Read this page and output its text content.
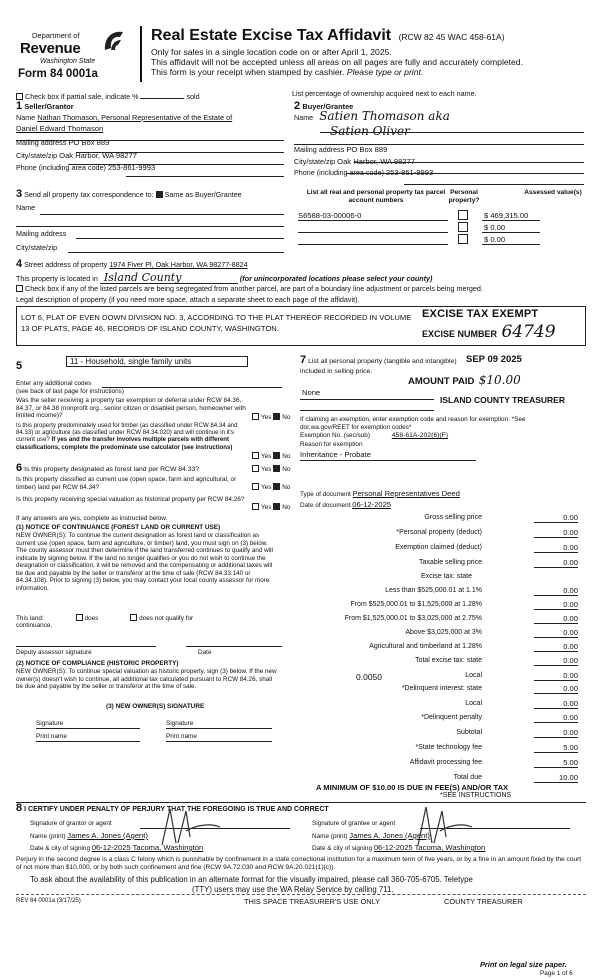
Department of
Revenue
Washington State
Form 84 0001a
Real Estate Excise Tax Affidavit (RCW 82 45 WAC 458-61A)
Only for sales in a single location code on or after April 1, 2025.
This affidavit will not be accepted unless all areas on all pages are fully and accurately completed.
This form is your receipt when stamped by cashier. Please type or print.
Check box if partial sale, indicate %	sold	List percentage of ownership acquired next to each name.
1 Seller/Grantor
Name Nathan Thomason, Personal Representative of the Estate of
Daniel Edward Thomason
Mailing address PO Box 889
City/state/zip Oak Harbor, WA 98277
Phone (including area code) 253-861-9993
2 Buyer/Grantee
Name Satien Thomason aka
Satien Oliver
Mailing address PO Box 889
City/state/zip Oak Harbor, WA 98277
Phone (including area code) 253-861-9993
3 Send all property tax correspondence to: Same as Buyer/Grantee
Name
Mailing address
City/state/zip
List all real and personal property tax parcel account numbers
Personal property?
Assessed value(s)
S6588-03-00006-0	$ 469,315.00
$ 0.00
$ 0.00
4 Street address of property 1974 Fiver Pl, Oak Harbor, WA 98277-8824
This property is located in Island County	(for unincorporated locations please select your county)
Check box if any of the listed parcels are being segregated from another parcel, are part of a boundary line adjustment or parcels being merged.
Legal description of property (if you need more space, attach a separate sheet to each page of the affidavit).
LOT 6, PLAT OF EVEN DOWN DIVISION NO. 3, ACCORDING TO THE PLAT THEREOF RECORDED IN VOLUME 13 OF PLATS, PAGE 46, RECORDS OF ISLAND COUNTY, WASHINGTON.
EXCISE TAX EXEMPT
EXCISE NUMBER 64749
SEP 09 2025
AMOUNT PAID $10.00
ISLAND COUNTY TREASURER
5	11 - Household, single family units
Enter any additional codes
(see back of last page for instructions)
Was the seller receiving a property tax exemption or deferral under RCW 84.36, 84.37, or 84.38 (nonprofit org., senior citizen or disabled person, homeowner with limited income)?	Yes No
Is this property predominately used for timber (as classified under RCW 84.34 and 84.33) or agriculture (as classified under RCW 84.34.020) and will continue in it's current use? If yes and the transfer involves multiple parcels with different classifications, complete the predominate use calculator (see instructions)
Yes No
6 Is this property designated as forest land per RCW 84.33?	Yes No
Is this property classified as current use (open space, farm and agricultural, or timber) land per RCW 84.34?	Yes No
Is this property receiving special valuation as historical property per RCW 84.26?
Yes No
If any answers are yes, complete as instructed below.
(1) NOTICE OF CONTINUANCE (FOREST LAND OR CURRENT USE)
NEW OWNER(S): To continue the current designation as forest land or classification as current use (open space, farm and agriculture, or timber) land, you must sign on (3) below. The county assessor must then determine if the land transferred continues to qualify and will indicate by signing below. If the land no longer qualifies or you do not wish to continue the designation or classification, it will be removed and the compensating or additional taxes will be due and payable by the seller or transferor at the time of sale (RCW 84.33.140 or 84.34.108). Prior to signing (3) below, you may contact your local county assessor for more information.
This land:	does	does not qualify for
continuance.
Deputy assessor signature	Date
(2) NOTICE OF COMPLIANCE (HISTORIC PROPERTY)
NEW OWNER(S): To continue special valuation as historic property, sign (3) below. If the new owner(s) doesn't wish to continue, all additional tax calculated pursuant to RCW 84.26, shall be due and payable by the seller or transferor at the time of sale.
(3) NEW OWNER(S) SIGNATURE
Signature	Signature
Print name	Print name
7 List all personal property (tangible and intangible) included in selling price.
None
If claiming an exemption, enter exemption code and reason for exemption. *See dor.wa.gov/REET for exemption codes*
Exemption No. (sec/sub)	458-61A-202(6)(F)
Reason for exemption
Inheritance - Probate
Type of document Personal Representatives Deed
Date of document 06-12-2025
Gross selling price	0.00
*Personal property (deduct)	0.00
Exemption claimed (deduct)	0.00
Taxable selling price	0.00
Excise tax: state
Less than $525,000.01 at 1.1%	0.00
From $525,000.01 to $1,525,000 at 1.28%	0.00
From $1,525,000.01 to $3,025,000 at 2.75%	0.00
Above $3,025,000 at 3%	0.00
Agricultural and timberland at 1.28%	0.00
Total excise tax: state	0.00
0.0050	Local	0.00
*Delinquent interest: state	0.00
Local	0.00
*Delinquent penalty	0.00
Subtotal	0.00
*State technology fee	5.00
Affidavit processing fee	5.00
Total due	10.00
A MINIMUM OF $10.00 IS DUE IN FEE(S) AND/OR TAX
*SEE INSTRUCTIONS
8 I CERTIFY UNDER PENALTY OF PERJURY THAT THE FOREGOING IS TRUE AND CORRECT
Signature of grantor or agent
Name (print) James A. Jones (Agent)
Date & city of signing 06-12-2025 Tacoma, Washington
Signature of grantee or agent
Name (print) James A. Jones (Agent)
Date & city of signing 06-12-2025 Tacoma, Washington
Perjury in the second degree is a class C felony which is punishable by confinement in a state correctional institution for a maximum term of five years, or by a fine in an amount fixed by the court of not more than $10,000, or by both such confinement and fine (RCW 9A.72.030 and RCW 9A.20.021(1)(c)).
To ask about the availability of this publication in an alternate format for the visually impaired, please call 360-705-6705. Teletype
(TTY) users may use the WA Relay Service by calling 711.
REV 84 0001a (3/17/25)	THIS SPACE TREASURER'S USE ONLY	COUNTY TREASURER
Print on legal size paper.
Page 1 of 6
